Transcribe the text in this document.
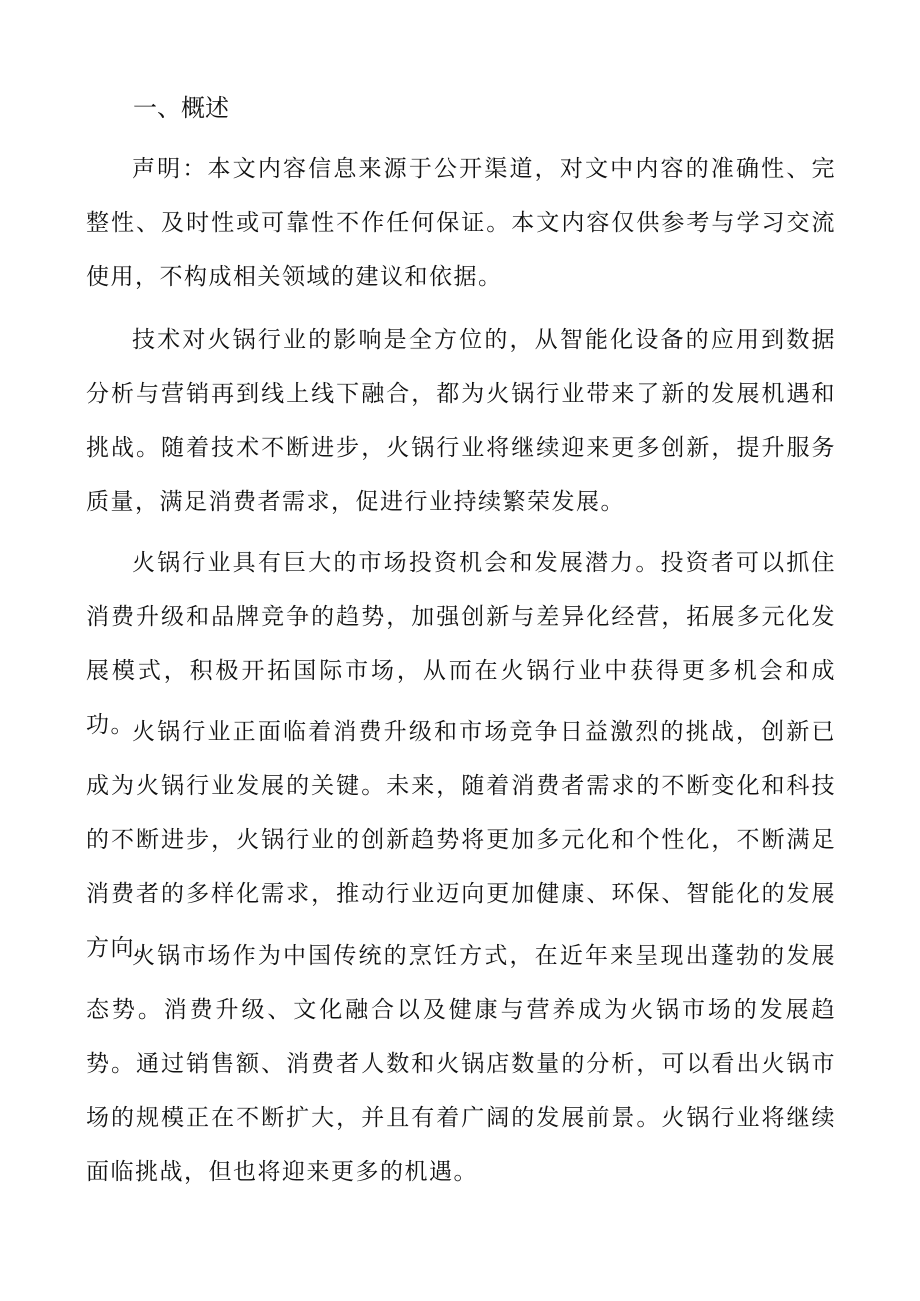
一、概述

声明：本文内容信息来源于公开渠道，对文中内容的准确性、完整性、及时性或可靠性不作任何保证。本文内容仅供参考与学习交流使用，不构成相关领域的建议和依据。

技术对火锅行业的影响是全方位的，从智能化设备的应用到数据分析与营销再到线上线下融合，都为火锅行业带来了新的发展机遇和挑战。随着技术不断进步，火锅行业将继续迎来更多创新，提升服务质量，满足消费者需求，促进行业持续繁荣发展。

火锅行业具有巨大的市场投资机会和发展潜力。投资者可以抓住消费升级和品牌竞争的趋势，加强创新与差异化经营，拓展多元化发展模式，积极开拓国际市场，从而在火锅行业中获得更多机会和成功。

火锅行业正面临着消费升级和市场竞争日益激烈的挑战，创新已成为火锅行业发展的关键。未来，随着消费者需求的不断变化和科技的不断进步，火锅行业的创新趋势将更加多元化和个性化，不断满足消费者的多样化需求，推动行业迈向更加健康、环保、智能化的发展方向。

火锅市场作为中国传统的烹饪方式，在近年来呈现出蓬勃的发展态势。消费升级、文化融合以及健康与营养成为火锅市场的发展趋势。通过销售额、消费者人数和火锅店数量的分析，可以看出火锅市场的规模正在不断扩大，并且有着广阔的发展前景。火锅行业将继续面临挑战，但也将迎来更多的机遇。
